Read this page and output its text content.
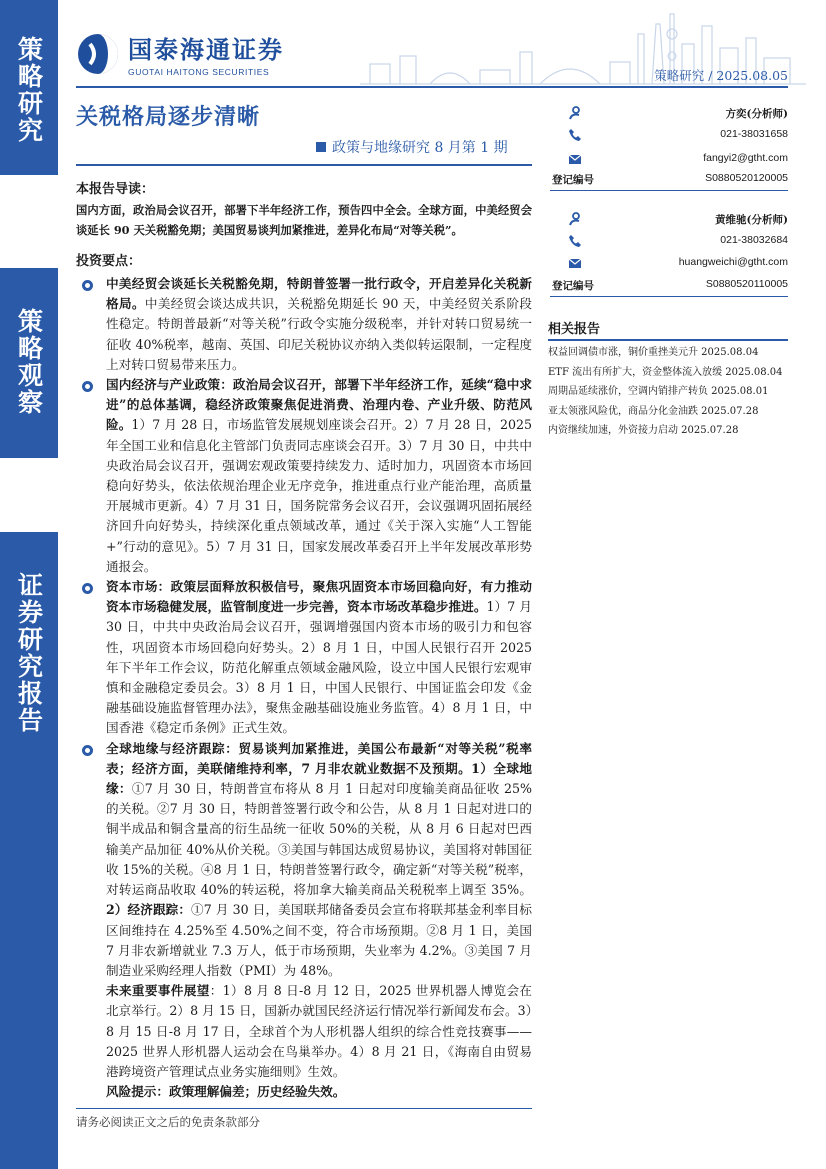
策略研究
策略观察
证券研究报告
国泰海通证券
GUOTAI HAITONG SECURITIES	策略研究 / 2025.08.05
关税格局逐步清晰
政策与地缘研究 8 月第 1 期
本报告导读：
国内方面，政治局会议召开，部署下半年经济工作，预告四中全会。全球方面，中美经贸会谈延长 90 天关税豁免期；美国贸易谈判加紧推进，差异化布局“对等关税”。
投资要点：
中美经贸会谈延长关税豁免期，特朗普签署一批行政令，开启差异化关税新格局。中美经贸会谈达成共识，关税豁免期延长 90 天，中美经贸关系阶段性稳定。特朗普最新“对等关税”行政令实施分级税率，并针对转口贸易统一征收 40%税率，越南、英国、印尼关税协议亦纳入类似转运限制，一定程度上对转口贸易带来压力。
国内经济与产业政策：政治局会议召开，部署下半年经济工作，延续“稳中求进”的总体基调，稳经济政策聚焦促进消费、治理内卷、产业升级、防范风险。1）7 月 28 日，市场监管发展规划座谈会召开。2）7 月 28 日，2025 年全国工业和信息化主管部门负责同志座谈会召开。3）7 月 30 日，中共中央政治局会议召开，强调宏观政策要持续发力、适时加力，巩固资本市场回稳向好势头，依法依规治理企业无序竞争，推进重点行业产能治理，高质量开展城市更新。4）7 月 31 日，国务院常务会议召开，会议强调巩固拓展经济回升向好势头，持续深化重点领域改革，通过《关于深入实施“人工智能+”行动的意见》。5）7 月 31 日，国家发展改革委召开上半年发展改革形势通报会。
资本市场：政策层面释放积极信号，聚焦巩固资本市场回稳向好，有力推动资本市场稳健发展，监管制度进一步完善，资本市场改革稳步推进。1）7 月 30 日，中共中央政治局会议召开，强调增强国内资本市场的吸引力和包容性，巩固资本市场回稳向好势头。2）8 月 1 日，中国人民银行召开 2025 年下半年工作会议，防范化解重点领域金融风险，设立中国人民银行宏观审慎和金融稳定委员会。3）8 月 1 日，中国人民银行、中国证监会印发《金融基础设施监督管理办法》，聚焦金融基础设施业务监管。4）8 月 1 日，中国香港《稳定币条例》正式生效。
全球地缘与经济跟踪：贸易谈判加紧推进，美国公布最新“对等关税”税率表；经济方面，美联储维持利率，7 月非农就业数据不及预期。1）全球地缘：①7 月 30 日，特朗普宣布将从 8 月 1 日起对印度输美商品征收 25%的关税。②7 月 30 日，特朗普签署行政令和公告，从 8 月 1 日起对进口的铜半成品和铜含量高的衍生品统一征收 50%的关税，从 8 月 6 日起对巴西输美产品加征 40%从价关税。③美国与韩国达成贸易协议，美国将对韩国征收 15%的关税。④8 月 1 日，特朗普签署行政令，确定新“对等关税”税率，对转运商品收取 40%的转运税，将加拿大输美商品关税税率上调至 35%。2）经济跟踪：①7 月 30 日，美国联邦储备委员会宣布将联邦基金利率目标区间维持在 4.25%至 4.50%之间不变，符合市场预期。②8 月 1 日，美国 7 月非农新增就业 7.3 万人，低于市场预期，失业率为 4.2%。③美国 7 月制造业采购经理人指数（PMI）为 48%。
未来重要事件展望：1）8 月 8 日-8 月 12 日，2025 世界机器人博览会在北京举行。2）8 月 15 日，国新办就国民经济运行情况举行新闻发布会。3）8 月 15 日-8 月 17 日，全球首个为人形机器人组织的综合性竞技赛事——2025 世界人形机器人运动会在鸟巢举办。4）8 月 21 日，《海南自由贸易港跨境资产管理试点业务实施细则》生效。
风险提示：政策理解偏差；历史经验失效。
请务必阅读正文之后的免责条款部分
方奕(分析师)
021-38031658
fangyi2@gtht.com
登记编号	S0880520120005
黄维驰(分析师)
021-38032684
huangweichi@gtht.com
登记编号	S0880520110005
相关报告
权益回调债市涨，铜价重挫美元升 2025.08.04
ETF 流出有所扩大，资金整体流入放缓 2025.08.04
周期品延续涨价，空调内销排产转负 2025.08.01
亚太领涨风险优，商品分化金油跌 2025.07.28
内资继续加速，外资接力启动 2025.07.28
